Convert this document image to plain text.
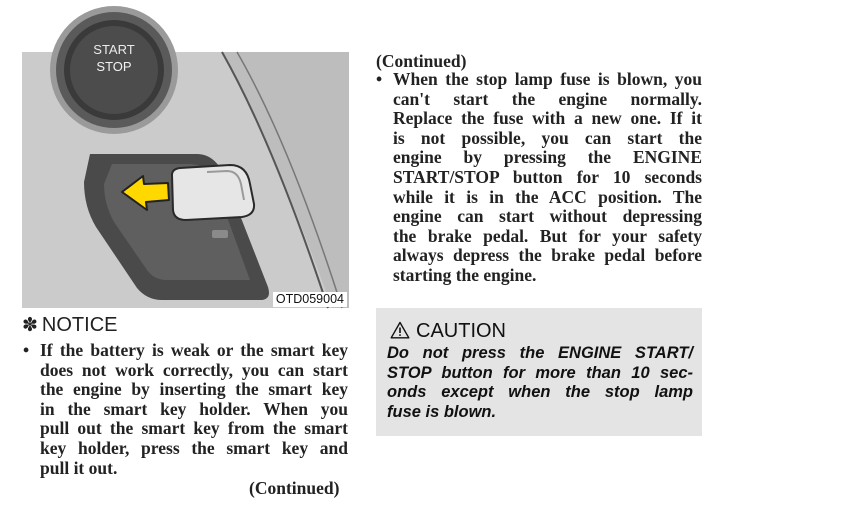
START
STOP
OTD059004
✽ NOTICE
• If the battery is weak or the smart key
does not work correctly, you can start
the engine by inserting the smart key
in the smart key holder. When you
pull out the smart key from the smart
key holder, press the smart key and
pull it out.
(Continued)
(Continued)
• When the stop lamp fuse is blown, you
can't start the engine normally.
Replace the fuse with a new one. If it
is not possible, you can start the
engine by pressing the ENGINE
START/STOP button for 10 seconds
while it is in the ACC position. The
engine can start without depressing
the brake pedal. But for your safety
always depress the brake pedal before
starting the engine.
CAUTION
Do not press the ENGINE START/
STOP button for more than 10 sec-
onds except when the stop lamp
fuse is blown.
